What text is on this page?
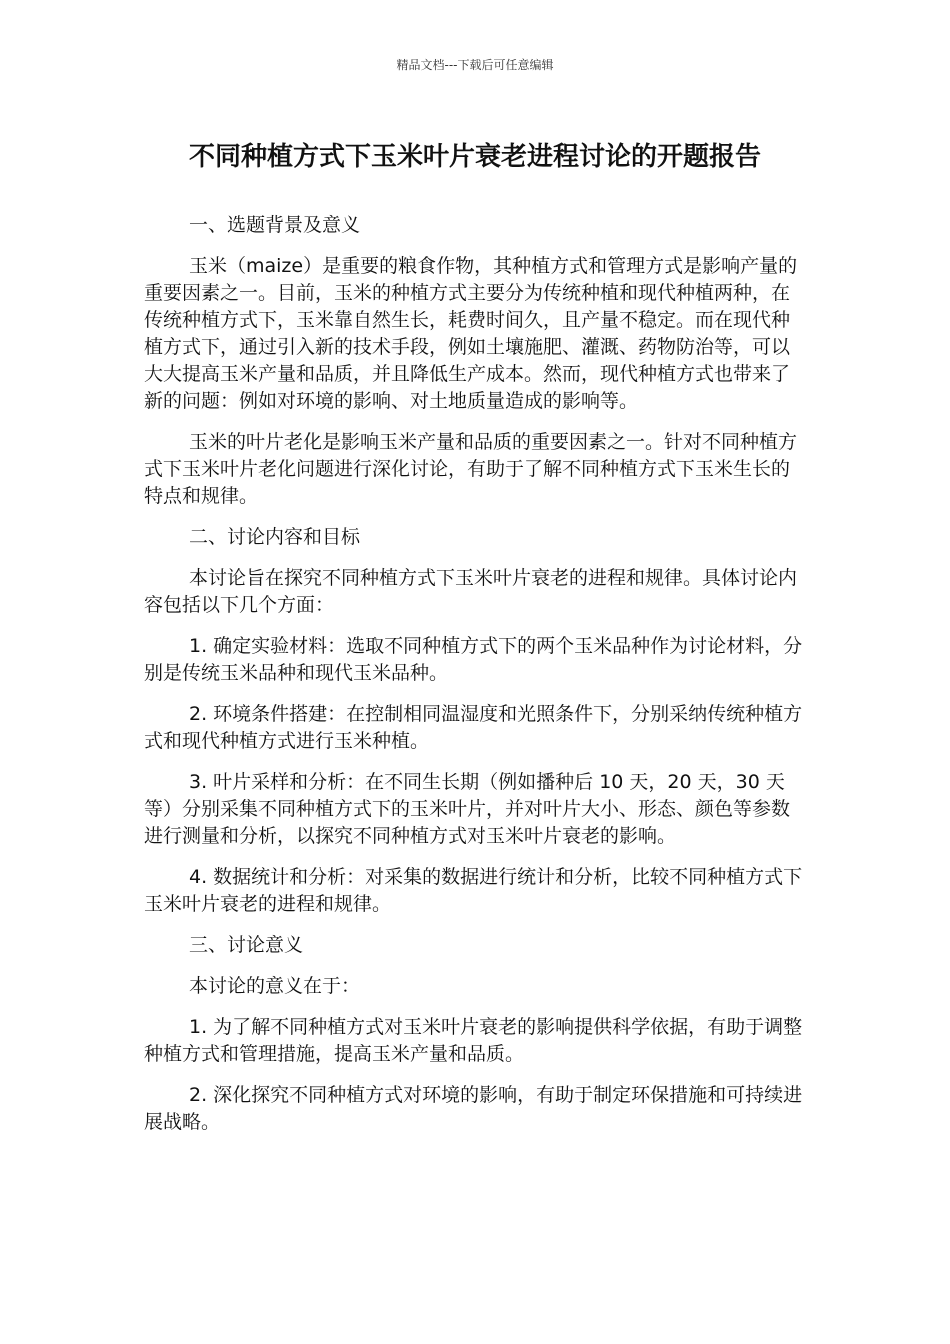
精品文档---下载后可任意编辑
不同种植方式下玉米叶片衰老进程讨论的开题报告

一、选题背景及意义

玉米（maize）是重要的粮食作物，其种植方式和管理方式是影响产量的重要因素之一。目前，玉米的种植方式主要分为传统种植和现代种植两种，在传统种植方式下，玉米靠自然生长，耗费时间久，且产量不稳定。而在现代种植方式下，通过引入新的技术手段，例如土壤施肥、灌溉、药物防治等，可以大大提高玉米产量和品质，并且降低生产成本。然而，现代种植方式也带来了新的问题：例如对环境的影响、对土地质量造成的影响等。

玉米的叶片老化是影响玉米产量和品质的重要因素之一。针对不同种植方式下玉米叶片老化问题进行深化讨论，有助于了解不同种植方式下玉米生长的特点和规律。

二、讨论内容和目标

本讨论旨在探究不同种植方式下玉米叶片衰老的进程和规律。具体讨论内容包括以下几个方面：

1. 确定实验材料：选取不同种植方式下的两个玉米品种作为讨论材料，分别是传统玉米品种和现代玉米品种。

2. 环境条件搭建：在控制相同温湿度和光照条件下，分别采纳传统种植方式和现代种植方式进行玉米种植。

3. 叶片采样和分析：在不同生长期（例如播种后 10 天，20 天，30 天等）分别采集不同种植方式下的玉米叶片，并对叶片大小、形态、颜色等参数进行测量和分析，以探究不同种植方式对玉米叶片衰老的影响。

4. 数据统计和分析：对采集的数据进行统计和分析，比较不同种植方式下玉米叶片衰老的进程和规律。

三、讨论意义

本讨论的意义在于：

1. 为了解不同种植方式对玉米叶片衰老的影响提供科学依据，有助于调整种植方式和管理措施，提高玉米产量和品质。

2. 深化探究不同种植方式对环境的影响，有助于制定环保措施和可持续进展战略。
